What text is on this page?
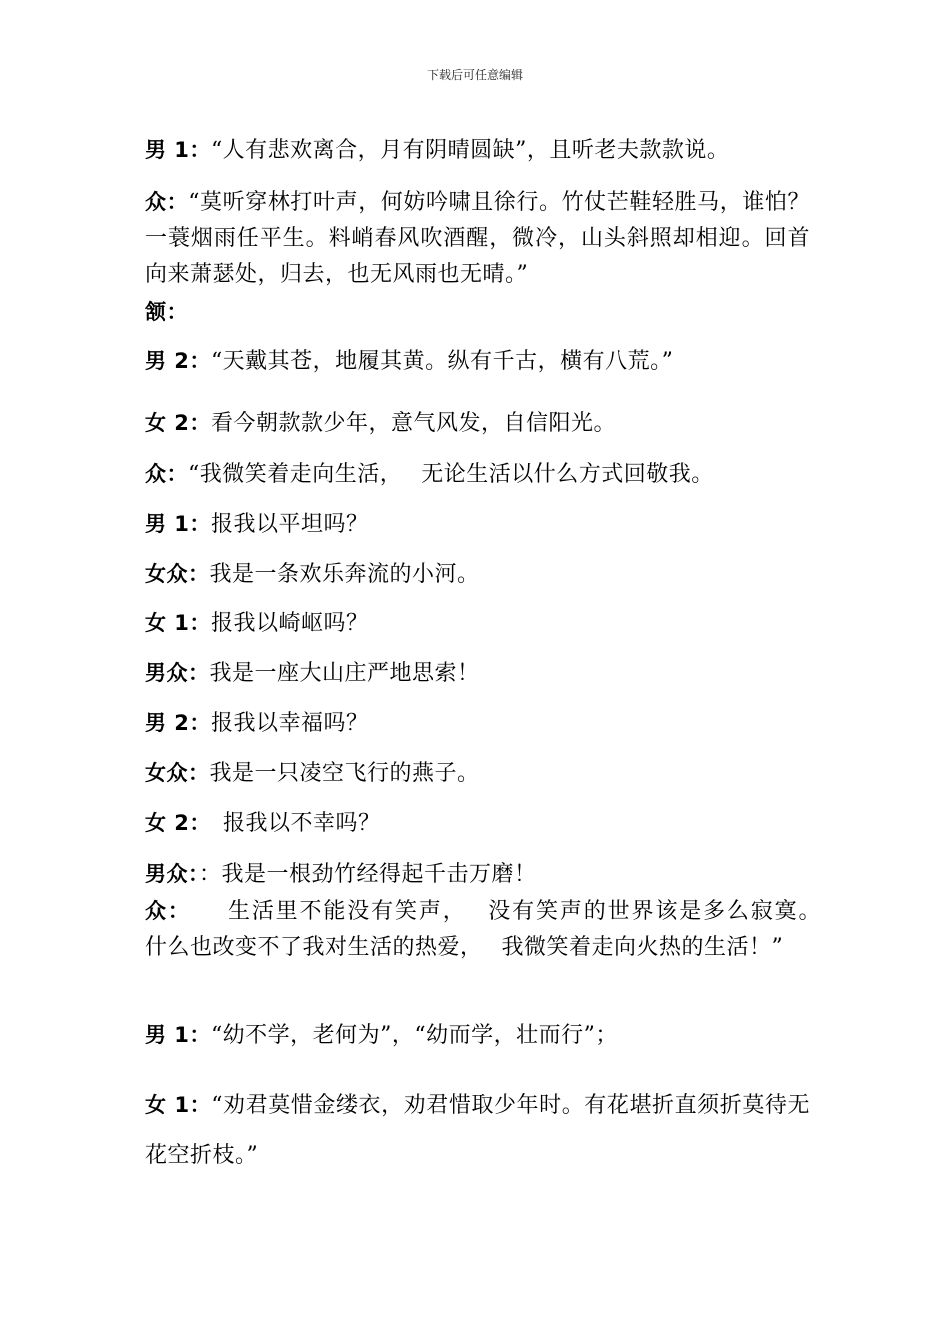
下载后可任意编辑
男 1：“人有悲欢离合，月有阴晴圆缺”，且听老夫款款说。
众：“莫听穿林打叶声，何妨吟啸且徐行。竹仗芒鞋轻胜马，谁怕？一蓑烟雨任平生。料峭春风吹酒醒，微冷，山头斜照却相迎。回首向来萧瑟处，归去，也无风雨也无晴。”
颔：
男 2：“天戴其苍，地履其黄。纵有千古，横有八荒。”
女 2：看今朝款款少年，意气风发，自信阳光。
众：“我微笑着走向生活，　 无论生活以什么方式回敬我。
男 1：报我以平坦吗？
女众：我是一条欢乐奔流的小河。
女 1：报我以崎岖吗？
男众：我是一座大山庄严地思索！
男 2：报我以幸福吗？
女众：我是一只凌空飞行的燕子。
女 2：　报我以不幸吗？
男众：：我是一根劲竹经得起千击万磨！
众：　　生活里不能没有笑声，　 没有笑声的世界该是多么寂寞。　什么也改变不了我对生活的热爱，　 我微笑着走向火热的生活！”
男 1：“幼不学，老何为”，“幼而学，壮而行”；
女 1：“劝君莫惜金缕衣，劝君惜取少年时。有花堪折直须折莫待无花空折枝。”
